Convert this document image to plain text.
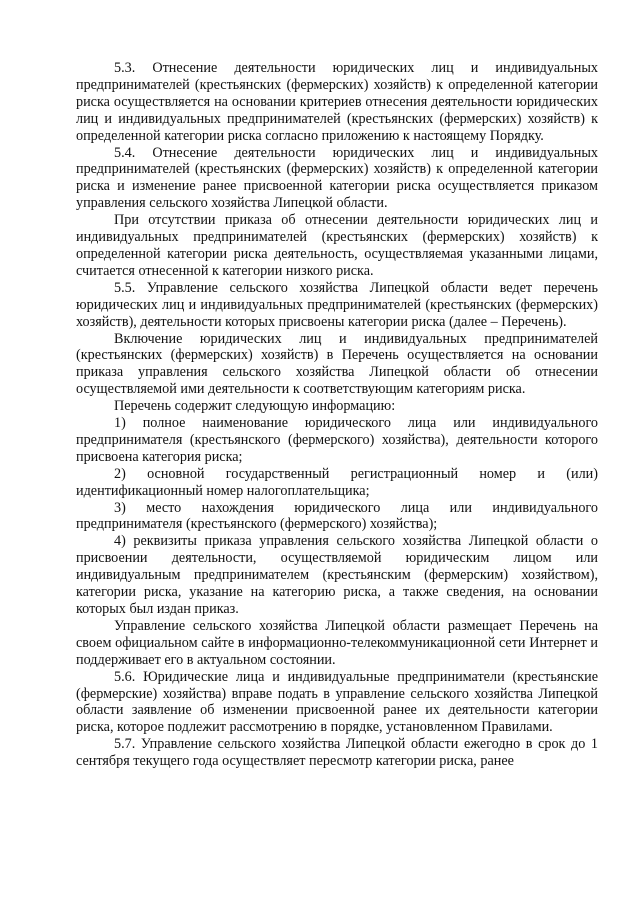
5.3. Отнесение деятельности юридических лиц и индивидуальных предпринимателей (крестьянских (фермерских) хозяйств) к определенной категории риска осуществляется на основании критериев отнесения деятельности юридических лиц и индивидуальных предпринимателей (крестьянских (фермерских) хозяйств) к определенной категории риска согласно приложению к настоящему Порядку.

5.4. Отнесение деятельности юридических лиц и индивидуальных предпринимателей (крестьянских (фермерских) хозяйств) к определенной категории риска и изменение ранее присвоенной категории риска осуществляется приказом управления сельского хозяйства Липецкой области.

При отсутствии приказа об отнесении деятельности юридических лиц и индивидуальных предпринимателей (крестьянских (фермерских) хозяйств) к определенной категории риска деятельность, осуществляемая указанными лицами, считается отнесенной к категории низкого риска.

5.5. Управление сельского хозяйства Липецкой области ведет перечень юридических лиц и индивидуальных предпринимателей (крестьянских (фермерских) хозяйств), деятельности которых присвоены категории риска (далее – Перечень).

Включение юридических лиц и индивидуальных предпринимателей (крестьянских (фермерских) хозяйств) в Перечень осуществляется на основании приказа управления сельского хозяйства Липецкой области об отнесении осуществляемой ими деятельности к соответствующим категориям риска.

Перечень содержит следующую информацию:

1) полное наименование юридического лица или индивидуального предпринимателя (крестьянского (фермерского) хозяйства), деятельности которого присвоена категория риска;

2) основной государственный регистрационный номер и (или) идентификационный номер налогоплательщика;

3) место нахождения юридического лица или индивидуального предпринимателя (крестьянского (фермерского) хозяйства);

4) реквизиты приказа управления сельского хозяйства Липецкой области о присвоении деятельности, осуществляемой юридическим лицом или индивидуальным предпринимателем (крестьянским (фермерским) хозяйством), категории риска, указание на категорию риска, а также сведения, на основании которых был издан приказ.

Управление сельского хозяйства Липецкой области размещает Перечень на своем официальном сайте в информационно-телекоммуникационной сети Интернет и поддерживает его в актуальном состоянии.

5.6. Юридические лица и индивидуальные предприниматели (крестьянские (фермерские) хозяйства) вправе подать в управление сельского хозяйства Липецкой области заявление об изменении присвоенной ранее их деятельности категории риска, которое подлежит рассмотрению в порядке, установленном Правилами.

5.7. Управление сельского хозяйства Липецкой области ежегодно в срок до 1 сентября текущего года осуществляет пересмотр категории риска, ранее
